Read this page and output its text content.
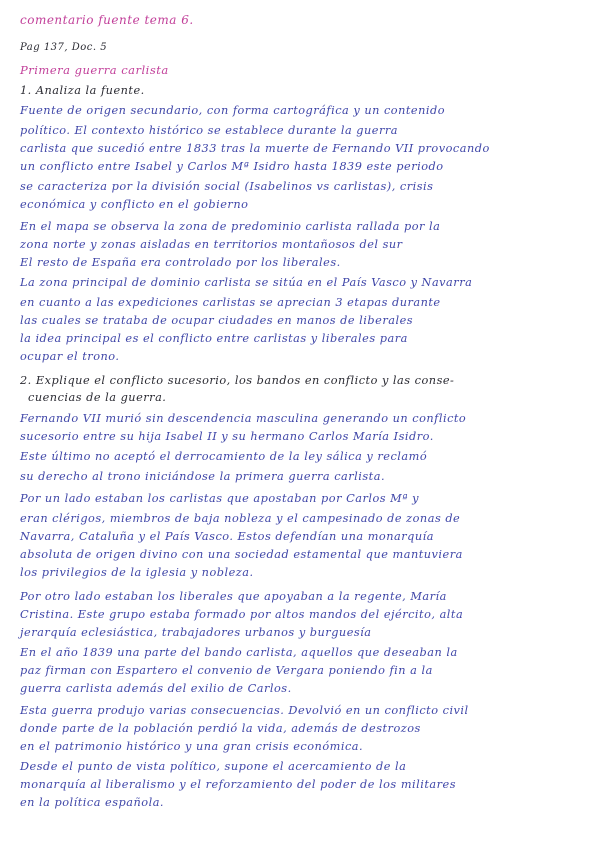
comentario fuente tema 6.
Pag 137, Doc. 5
Primera guerra carlista
1. Analiza la fuente.
Fuente de origen secundario, con forma cartográfica y un contenido
político. El contexto histórico se establece durante la guerra
carlista que sucedió entre 1833 tras la muerte de Fernando VII provocando
un conflicto entre Isabel y Carlos Mª Isidro hasta 1839 este periodo
se caracteriza por la división social (Isabelinos vs carlistas), crisis
económica y conflicto en el gobierno
En el mapa se observa la zona de predominio carlista rallada por la
zona norte y zonas aisladas en territorios montañosos del sur
El resto de España era controlado por los liberales.
La zona principal de dominio carlista se sitúa en el País Vasco y Navarra
en cuanto a las expediciones carlistas se aprecian 3 etapas durante
las cuales se trataba de ocupar ciudades en manos de liberales
la idea principal es el conflicto entre carlistas y liberales para
ocupar el trono.
2. Explique el conflicto sucesorio, los bandos en conflicto y las conse-
cuencias de la guerra.
Fernando VII murió sin descendencia masculina generando un conflicto
sucesorio entre su hija Isabel II y su hermano Carlos María Isidro.
Este último no aceptó el derrocamiento de la ley sálica y reclamó
su derecho al trono iniciándose la primera guerra carlista.
Por un lado estaban los carlistas que apostaban por Carlos Mª y
eran clérigos, miembros de baja nobleza y el campesinado de zonas de
Navarra, Cataluña y el País Vasco. Estos defendían una monarquía
absoluta de origen divino con una sociedad estamental que mantuviera
los privilegios de la iglesia y nobleza.
Por otro lado estaban los liberales que apoyaban a la regente, María
Cristina. Este grupo estaba formado por altos mandos del ejército, alta
jerarquía eclesiástica, trabajadores urbanos y burguesía
En el año 1839 una parte del bando carlista, aquellos que deseaban la
paz firman con Espartero el convenio de Vergara poniendo fin a la
guerra carlista además del exilio de Carlos.
Esta guerra produjo varias consecuencias. Devolvió en un conflicto civil
donde parte de la población perdió la vida, además de destrozos
en el patrimonio histórico y una gran crisis económica.
Desde el punto de vista político, supone el acercamiento de la
monarquía al liberalismo y el reforzamiento del poder de los militares
en la política española.
